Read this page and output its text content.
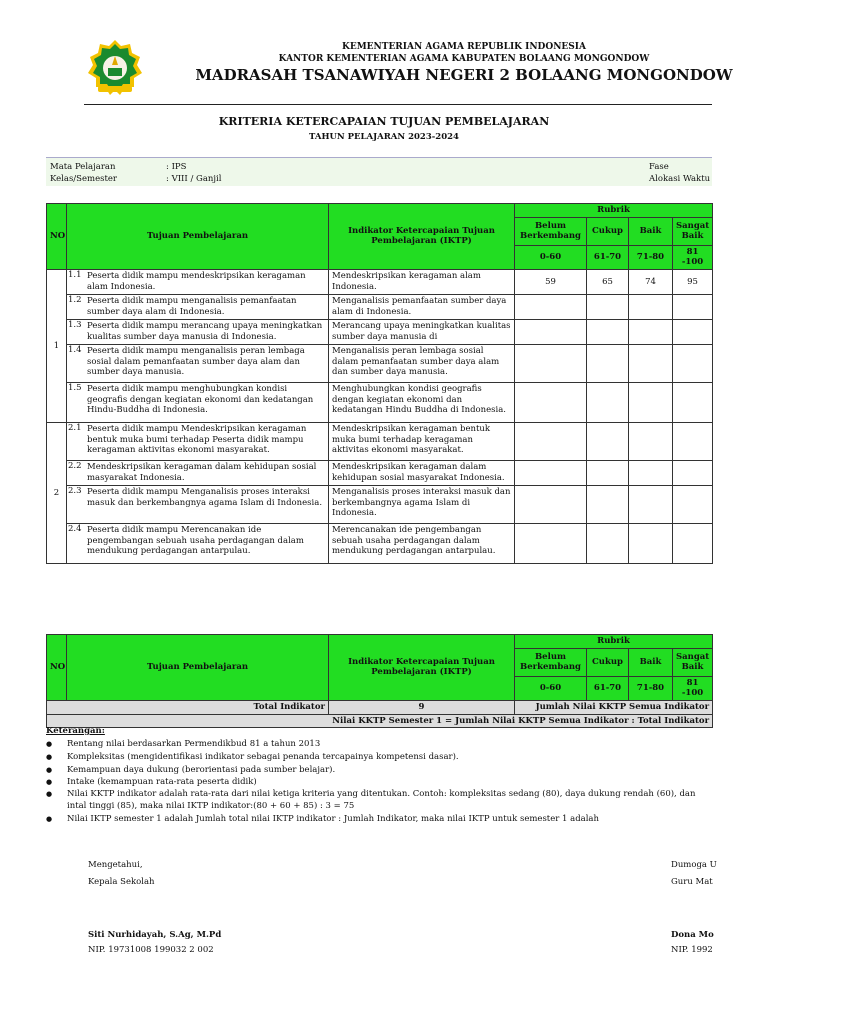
KEMENTERIAN AGAMA REPUBLIK INDONESIA
KANTOR KEMENTERIAN AGAMA KABUPATEN BOLAANG MONGONDOW
MADRASAH TSANAWIYAH NEGERI 2 BOLAANG MONGONDOW
KRITERIA KETERCAPAIAN TUJUAN PEMBELAJARAN
TAHUN PELAJARAN 2023-2024
Mata Pelajaran	: IPS
Kelas/Semester	: VIII / Ganjil
Fase
Alokasi Waktu
NO	Tujuan Pembelajaran	Indikator Ketercapaian Tujuan Pembelajaran (IKTP)	Rubrik			
			Belum Berkembang	Cukup	Baik	Sangat Baik
			0-60	61-70	71-80	81 -100
1	1.1 Peserta didik mampu mendeskripsikan keragaman alam Indonesia.	Mendeskripsikan keragaman alam Indonesia.	59	65	74	95

	1.2 Peserta didik mampu menganalisis pemanfaatan sumber daya alam di Indonesia.	Menganalisis pemanfaatan sumber daya alam di Indonesia.				

	1.3 Peserta didik mampu merancang upaya meningkatkan kualitas sumber daya manusia di Indonesia.	Merancang upaya meningkatkan kualitas sumber daya manusia di				

	1.4 Peserta didik mampu menganalisis peran lembaga sosial dalam pemanfaatan sumber daya alam dan sumber daya manusia.	Menganalisis peran lembaga sosial dalam pemanfaatan sumber daya alam dan sumber daya manusia.				

	1.5 Peserta didik mampu menghubungkan kondisi geografis dengan kegiatan ekonomi dan kedatangan Hindu-Buddha di Indonesia.	Menghubungkan kondisi geografis dengan kegiatan ekonomi dan kedatangan Hindu Buddha di Indonesia.				
2	2.1 Peserta didik mampu Mendeskripsikan keragaman bentuk muka bumi terhadap Peserta didik mampu keragaman aktivitas ekonomi masyarakat.	Mendeskripsikan keragaman bentuk muka bumi terhadap keragaman aktivitas ekonomi masyarakat.				

	2.2 Mendeskripsikan keragaman dalam kehidupan sosial masyarakat Indonesia.	Mendeskripsikan keragaman dalam kehidupan sosial masyarakat Indonesia.				

	2.3 Peserta didik mampu Menganalisis proses interaksi masuk dan berkembangnya agama Islam di Indonesia.	Menganalisis proses interaksi masuk dan berkembangnya agama Islam di Indonesia.				

	2.4 Peserta didik mampu Merencanakan ide pengembangan sebuah usaha perdagangan dalam mendukung perdagangan antarpulau.	Merencanakan ide pengembangan sebuah usaha perdagangan dalam mendukung perdagangan antarpulau.				
NO	Tujuan Pembelajaran	Indikator Ketercapaian Tujuan Pembelajaran (IKTP)	Rubrik			
			Belum Berkembang	Cukup	Baik	Sangat Baik
			0-60	61-70	71-80	81 -100
Total Indikator		9	Jumlah Nilai KKTP Semua Indikator			
Nilai KKTP Semester 1 = Jumlah Nilai KKTP Semua Indikator : Total Indikator						
Keterangan:
● Rentang nilai berdasarkan Permendikbud 81 a tahun 2013
● Kompleksitas (mengidentifikasi indikator sebagai penanda tercapainya kompetensi dasar).
● Kemampuan daya dukung (berorientasi pada sumber belajar).
● Intake (kemampuan rata-rata peserta didik)
● Nilai KKTP indikator adalah rata-rata dari nilai ketiga kriteria yang ditentukan. Contoh: kompleksitas sedang (80), daya dukung rendah (60), dan intal tinggi (85), maka nilai IKTP indikator:(80 + 60 + 85) : 3 = 75
● Nilai IKTP semester 1 adalah Jumlah total nilai IKTP indikator : Jumlah Indikator, maka nilai IKTP untuk semester 1 adalah
Mengetahui,
Kepala Sekolah
Siti Nurhidayah, S.Ag, M.Pd
NIP. 19731008 199032 2 002
Dumoga U
Guru Mat
Dona Mo
NIP. 1992
